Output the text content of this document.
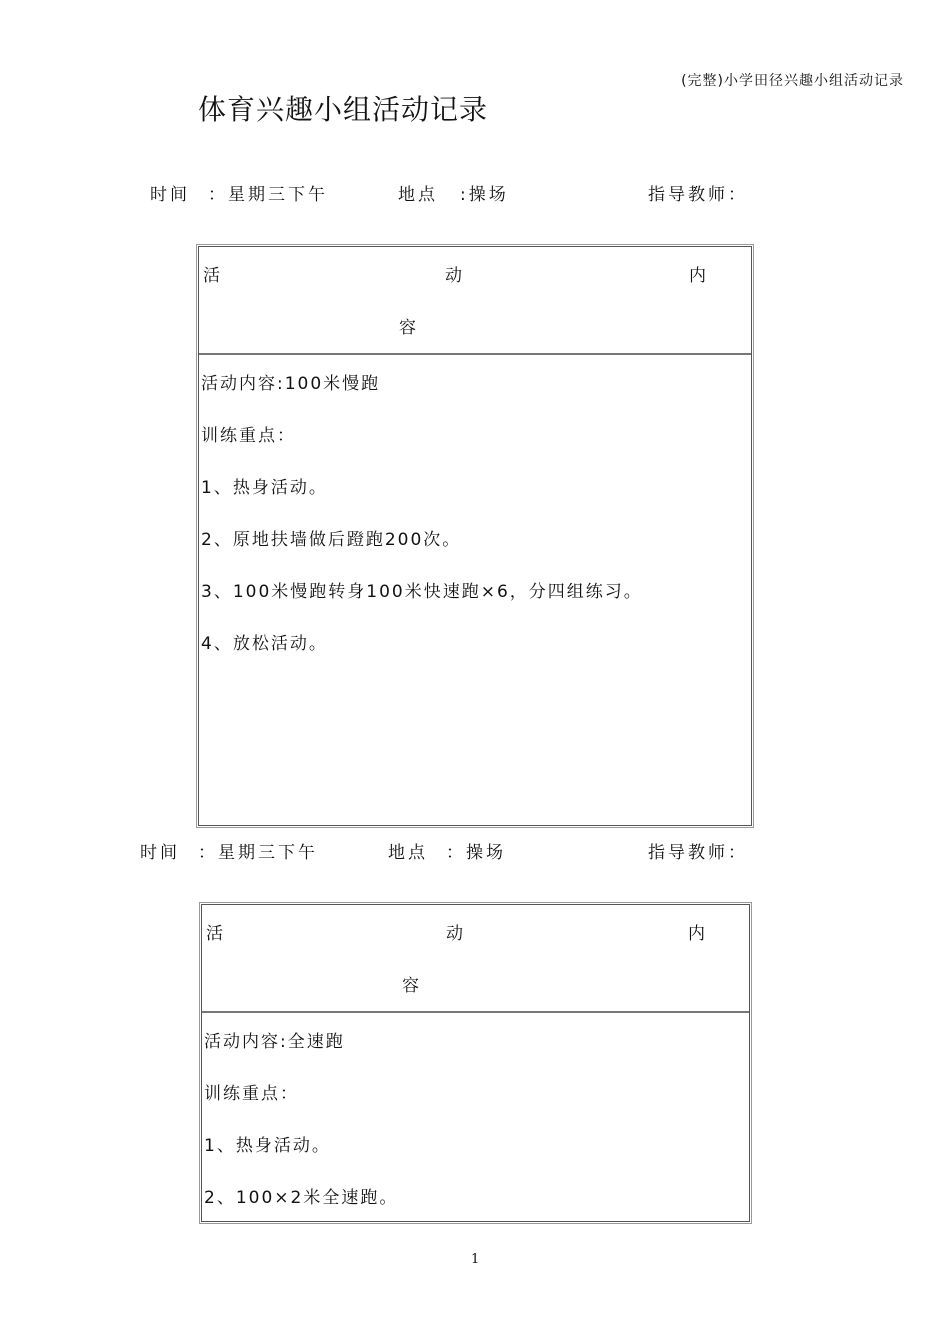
(完整)小学田径兴趣小组活动记录
体育兴趣小组活动记录
时间 ：星期三下午	地点 :操场	指导教师：
活	动	内
容
活动内容:100米慢跑
训练重点：
1、热身活动。
2、原地扶墙做后蹬跑200次。
3、100米慢跑转身100米快速跑×6，分四组练习。
4、放松活动。
时间 ：星期三下午	地点 ：操场	指导教师：
活	动	内
容
活动内容:全速跑
训练重点：
1、热身活动。
2、100×2米全速跑。
1
